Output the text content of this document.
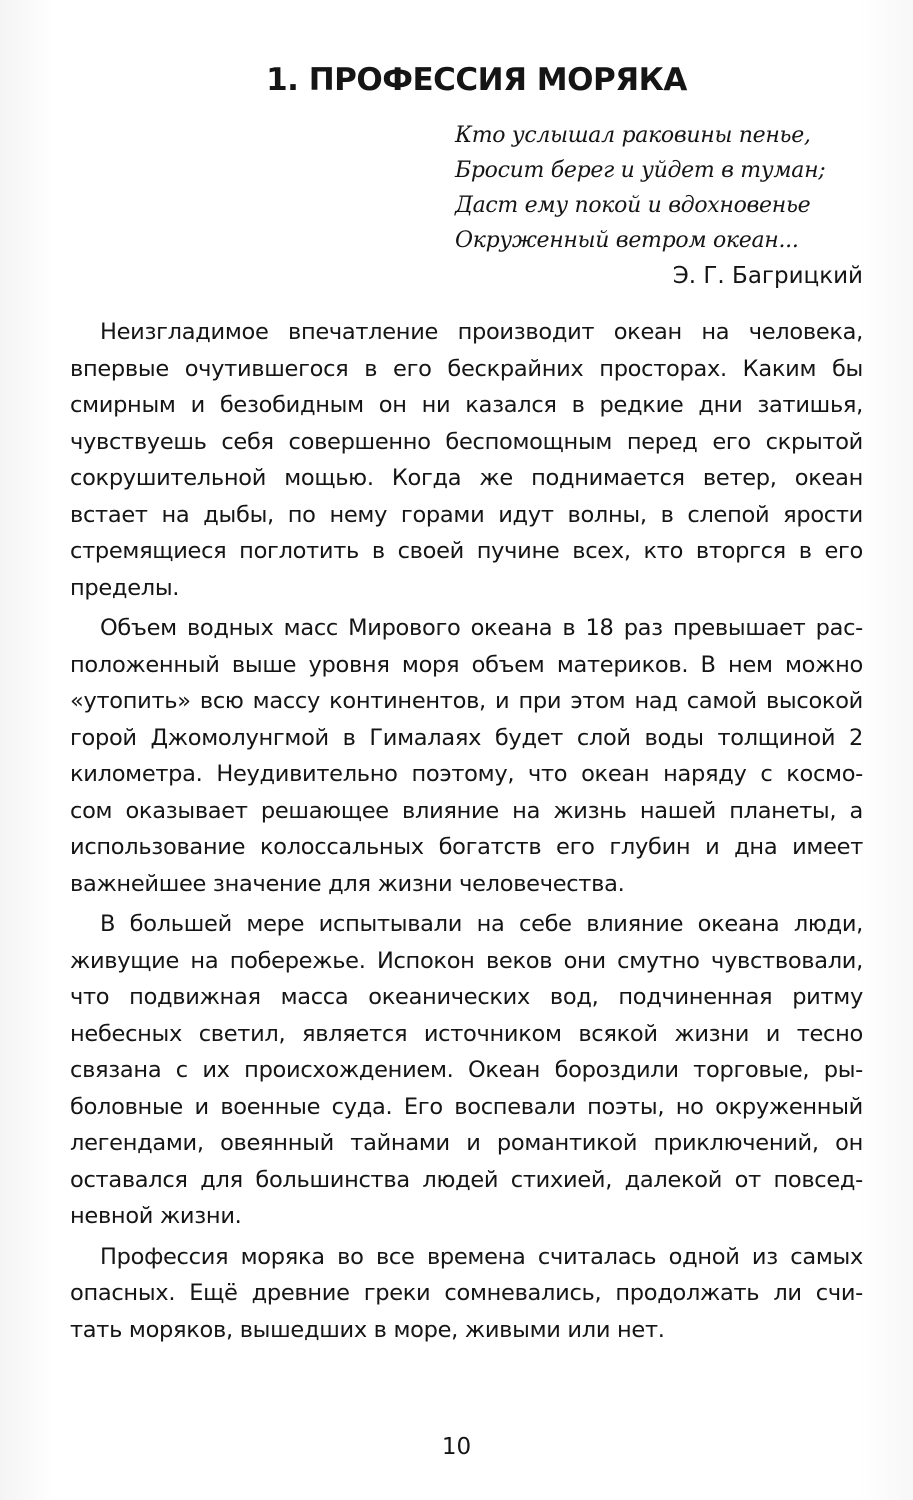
1. ПРОФЕССИЯ МОРЯКА
Кто услышал раковины пенье,
Бросит берег и уйдет в туман;
Даст ему покой и вдохновенье
Окруженный ветром океан...
Э. Г. Багрицкий
Неизгладимое впечатление производит океан на человека,
впервые очутившегося в его бескрайних просторах. Каким бы
смирным и безобидным он ни казался в редкие дни затишья,
чувствуешь себя совершенно беспомощным перед его скрытой
сокрушительной мощью. Когда же поднимается ветер, океан
встает на дыбы, по нему горами идут волны, в слепой ярости
стремящиеся поглотить в своей пучине всех, кто вторгся в его
пределы.
Объем водных масс Мирового океана в 18 раз превышает рас-
положенный выше уровня моря объем материков. В нем можно
«утопить» всю массу континентов, и при этом над самой высокой
горой Джомолунгмой в Гималаях будет слой воды толщиной 2
километра. Неудивительно поэтому, что океан наряду с космо-
сом оказывает решающее влияние на жизнь нашей планеты, а
использование колоссальных богатств его глубин и дна имеет
важнейшее значение для жизни человечества.
В большей мере испытывали на себе влияние океана люди,
живущие на побережье. Испокон веков они смутно чувствовали,
что подвижная масса океанических вод, подчиненная ритму
небесных светил, является источником всякой жизни и тесно
связана с их происхождением. Океан бороздили торговые, ры-
боловные и военные суда. Его воспевали поэты, но окруженный
легендами, овеянный тайнами и романтикой приключений, он
оставался для большинства людей стихией, далекой от повсед-
невной жизни.
Профессия моряка во все времена считалась одной из самых
опасных. Ещё древние греки сомневались, продолжать ли счи-
тать моряков, вышедших в море, живыми или нет.
10
